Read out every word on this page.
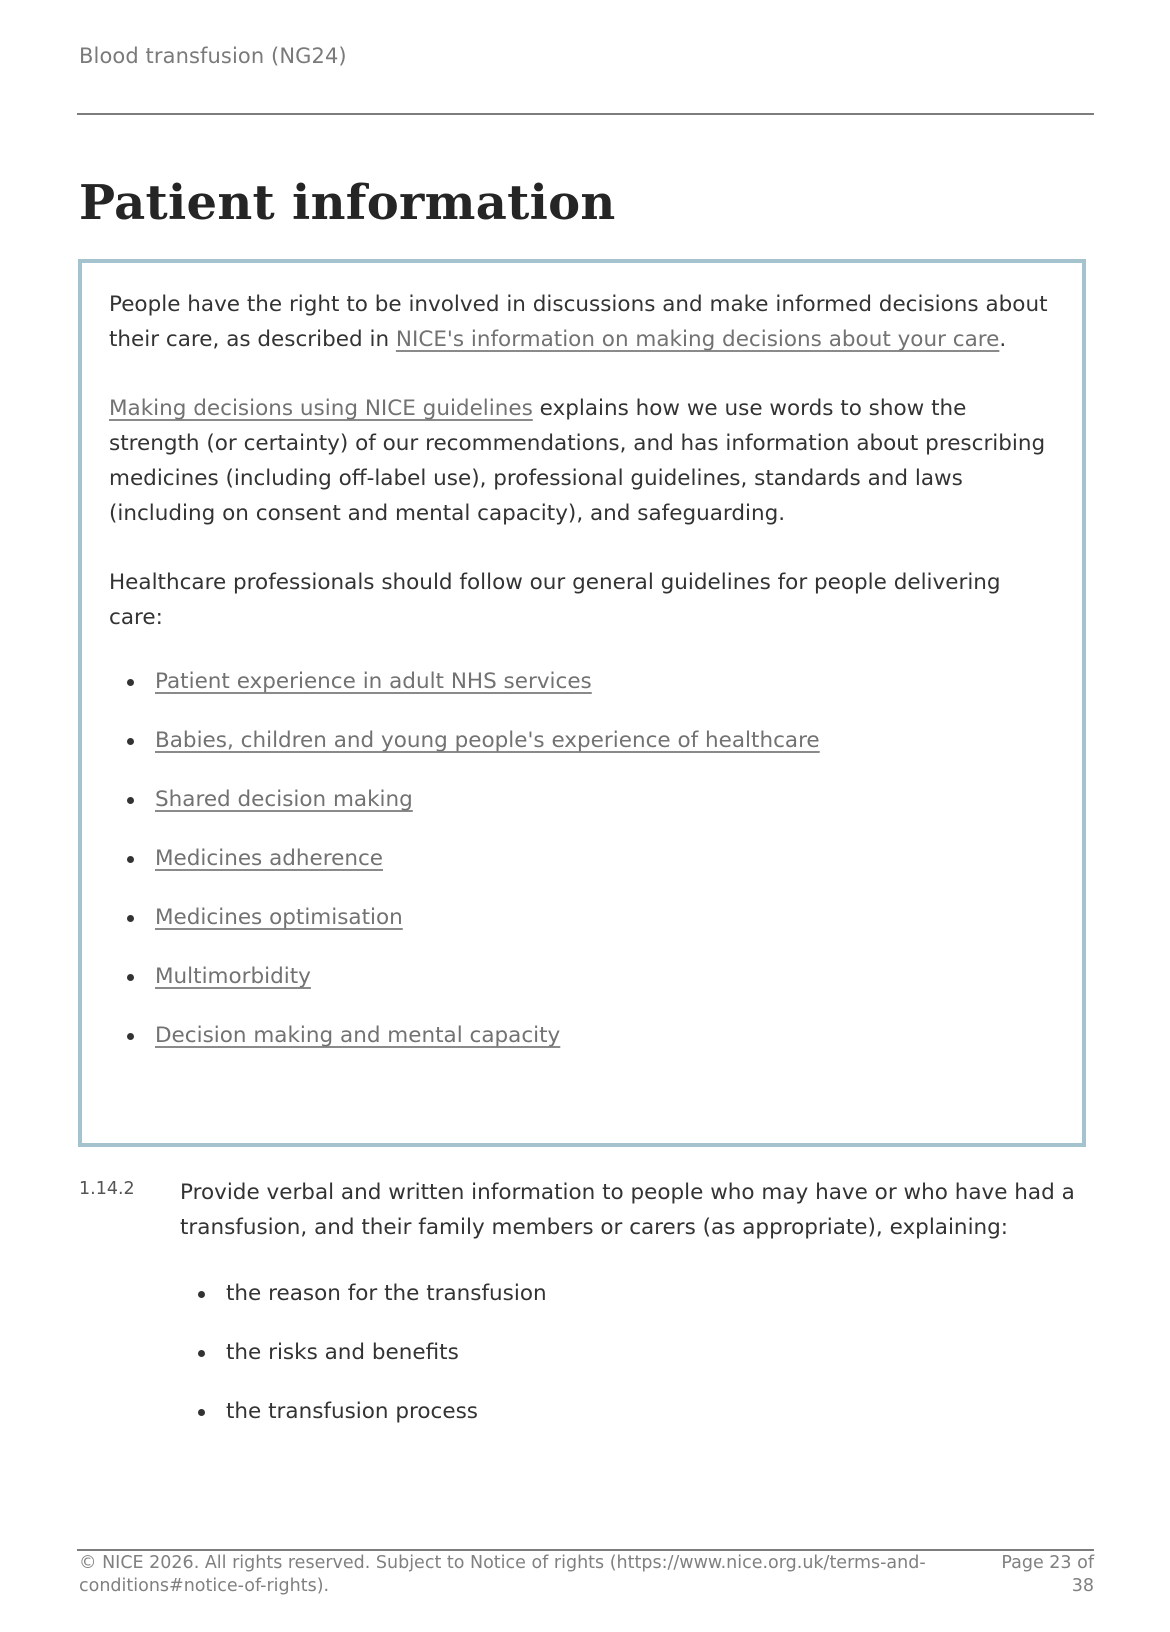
Blood transfusion (NG24)
Patient information

People have the right to be involved in discussions and make informed decisions about their care, as described in NICE's information on making decisions about your care.

Making decisions using NICE guidelines explains how we use words to show the strength (or certainty) of our recommendations, and has information about prescribing medicines (including off-label use), professional guidelines, standards and laws (including on consent and mental capacity), and safeguarding.

Healthcare professionals should follow our general guidelines for people delivering care:

Patient experience in adult NHS services
Babies, children and young people's experience of healthcare
Shared decision making
Medicines adherence
Medicines optimisation
Multimorbidity
Decision making and mental capacity
1.14.2 Provide verbal and written information to people who may have or who have had a transfusion, and their family members or carers (as appropriate), explaining:
the reason for the transfusion
the risks and benefits
the transfusion process
© NICE 2026. All rights reserved. Subject to Notice of rights (https://www.nice.org.uk/terms-and-conditions#notice-of-rights).
Page 23 of 38
